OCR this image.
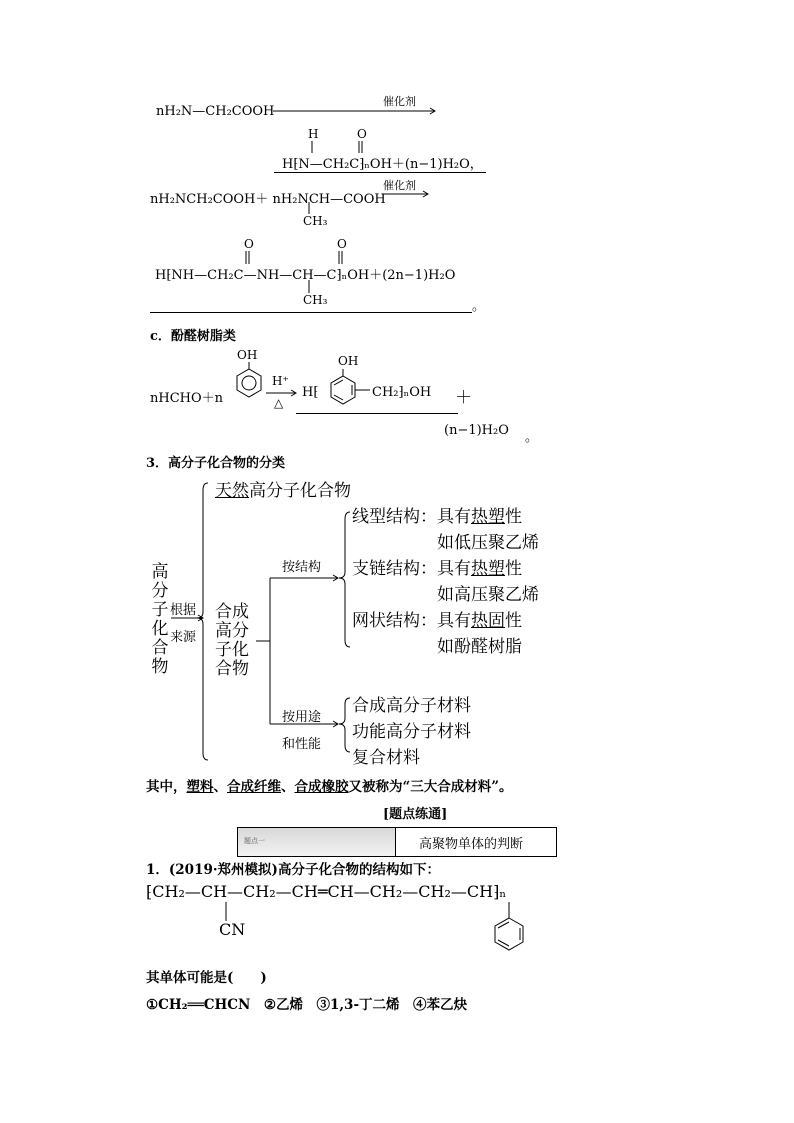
nH₂N—CH₂COOH
催化剂
H	O
H⁅N—CH₂C⁆ₙOH＋(n−1)H₂O，
nH₂NCH₂COOH＋ nH₂NCH—COOH
催化剂
CH₃
O	O
H⁅NH—CH₂C—NH—CH—C⁆ₙOH＋(2n−1)H₂O
CH₃	。
c．酚醛树脂类
OH
nHCHO＋n
H⁺
△
OH
H⁅	CH₂⁆ₙOH ＋
(n−1)H₂O 。
3．高分子化合物的分类
高分子化合物
根据
来源
天然高分子化合物
合成高分子化合物
按结构
线型结构：具有热塑性
如低压聚乙烯
支链结构：具有热塑性
如高压聚乙烯
网状结构：具有热固性
如酚醛树脂
按用途
和性能
合成高分子材料
功能高分子材料
复合材料
其中，塑料、合成纤维、合成橡胶又被称为“三大合成材料”。
[题点练通]
题点一	高聚物单体的判断
1．(2019·郑州模拟)高分子化合物的结构如下：
⁅CH₂—CH—CH₂—CH═CH—CH₂—CH₂—CH⁆ₙ
CN
其单体可能是(　　)
①CH₂══CHCN　②乙烯　③1,3-丁二烯　④苯乙炔
